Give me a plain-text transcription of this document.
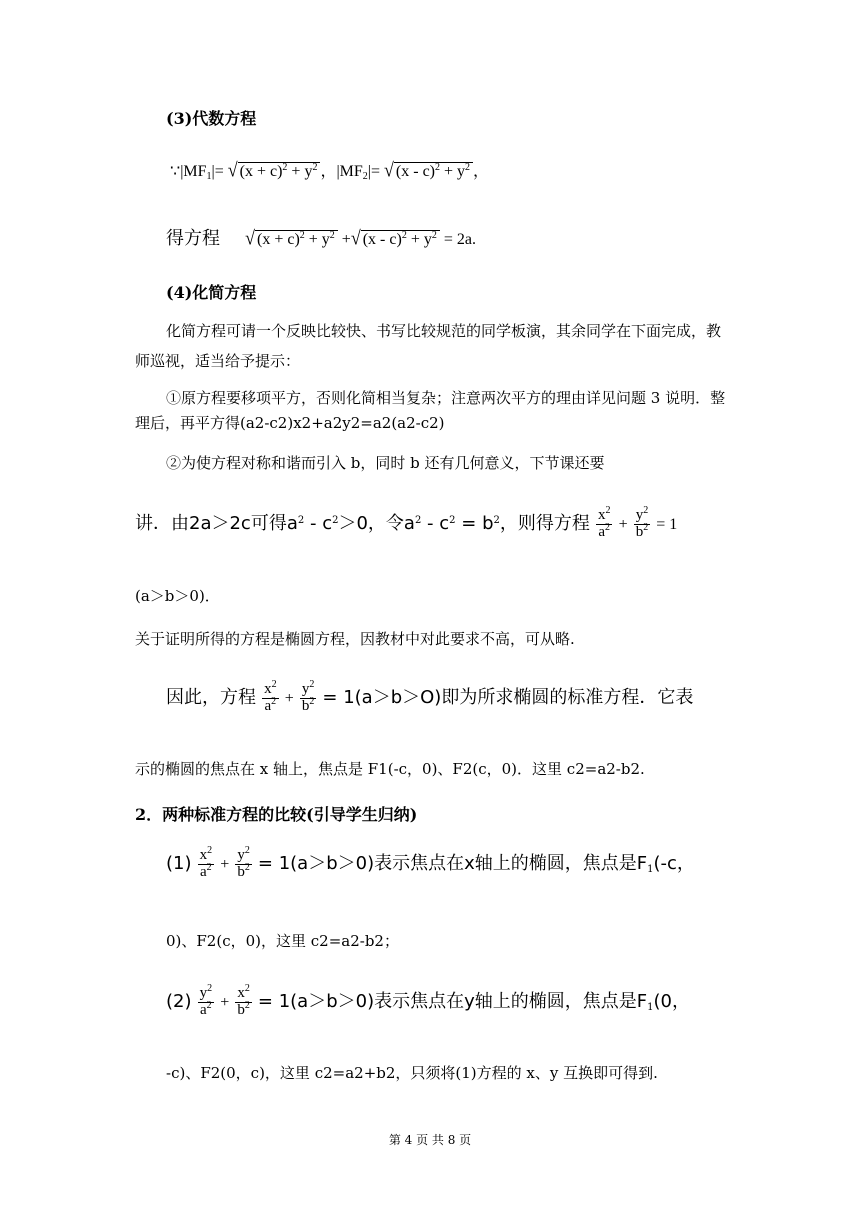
(3)代数方程
$\because|MF_1|=$ √ $(x + c)^2 + y^2$ ，$|MF_2|=$ √ $(x - c)^2 + y^2$ ，
得方程 √ $(x + c)^2 + y^2$ +√ $(x - c)^2 + y^2 = 2a$.
(4)化简方程
化简方程可请一个反映比较快、书写比较规范的同学板演，其余同学在下面完成，教
师巡视，适当给予提示：
①原方程要移项平方，否则化简相当复杂；注意两次平方的理由详见问题 3 说明．整
理后，再平方得(a2-c2)x2+a2y2=a2(a2-c2)
②为使方程对称和谐而引入 b，同时 b 还有几何意义，下节课还要
讲．由2a＞2c可得$a^2 - c^2>0$，令$a^2 - c^2 = b^2$，则得方程 $\frac{x^2}{a^2} + \frac{y^2}{b^2} = 1$
(a＞b＞0)．
关于证明所得的方程是椭圆方程，因教材中对此要求不高，可从略.
因此，方程 $\frac{x^2}{a^2} + \frac{y^2}{b^2} = 1(a>b>O)$即为所求椭圆的标准方程．它表
示的椭圆的焦点在 x 轴上，焦点是 F1(-c，0)、F2(c，0)．这里 c2=a2-b2.
2．两种标准方程的比较(引导学生归纳)
$(1) \frac{x^2}{a^2} + \frac{y^2}{b^2} = 1(a>b>0)$表示焦点在x轴上的椭圆，焦点是$F_1(-c$，
0)、F2(c，0)，这里 c2=a2-b2；
$(2) \frac{y^2}{a^2} + \frac{x^2}{b^2} = 1(a>b>0)$表示焦点在y轴上的椭圆，焦点是$F_1(0$，
-c)、F2(0，c)，这里 c2=a2+b2，只须将(1)方程的 x、y 互换即可得到.
第 4 页 共 8 页
